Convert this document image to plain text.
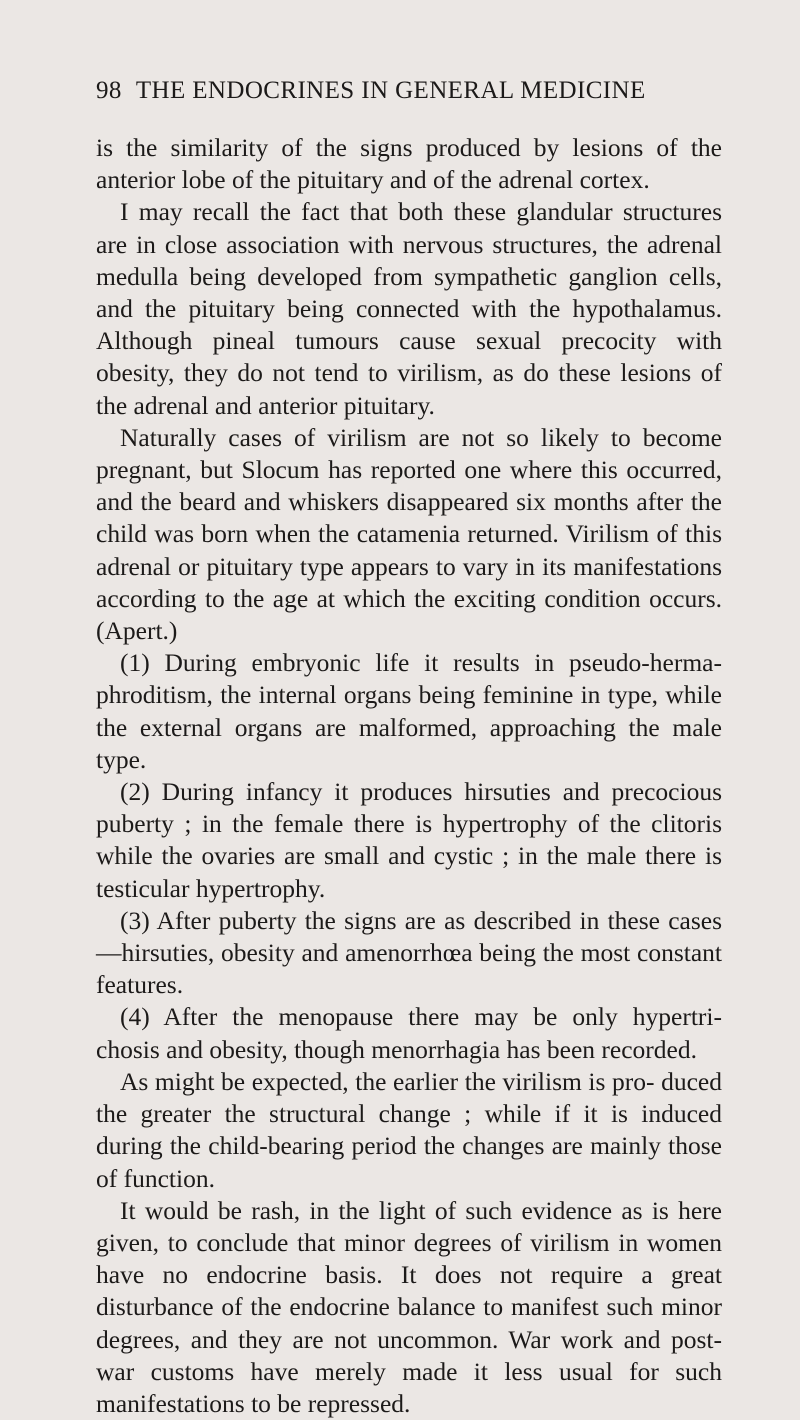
98 THE ENDOCRINES IN GENERAL MEDICINE

is the similarity of the signs produced by lesions of the anterior lobe of the pituitary and of the adrenal cortex.

I may recall the fact that both these glandular structures are in close association with nervous structures, the adrenal medulla being developed from sympathetic ganglion cells, and the pituitary being connected with the hypothalamus. Although pineal tumours cause sexual precocity with obesity, they do not tend to virilism, as do these lesions of the adrenal and anterior pituitary.

Naturally cases of virilism are not so likely to become pregnant, but Slocum has reported one where this occurred, and the beard and whiskers disappeared six months after the child was born when the catamenia returned. Virilism of this adrenal or pituitary type appears to vary in its manifestations according to the age at which the exciting condition occurs. (Apert.)

(1) During embryonic life it results in pseudo-herma- phroditism, the internal organs being feminine in type, while the external organs are malformed, approaching the male type.

(2) During infancy it produces hirsuties and precocious puberty ; in the female there is hypertrophy of the clitoris while the ovaries are small and cystic ; in the male there is testicular hypertrophy.

(3) After puberty the signs are as described in these cases—hirsuties, obesity and amenorrhœa being the most constant features.

(4) After the menopause there may be only hypertri- chosis and obesity, though menorrhagia has been recorded.

As might be expected, the earlier the virilism is pro- duced the greater the structural change ; while if it is induced during the child-bearing period the changes are mainly those of function.

It would be rash, in the light of such evidence as is here given, to conclude that minor degrees of virilism in women have no endocrine basis. It does not require a great disturbance of the endocrine balance to manifest such minor degrees, and they are not uncommon. War work and post-war customs have merely made it less usual for such manifestations to be repressed.
